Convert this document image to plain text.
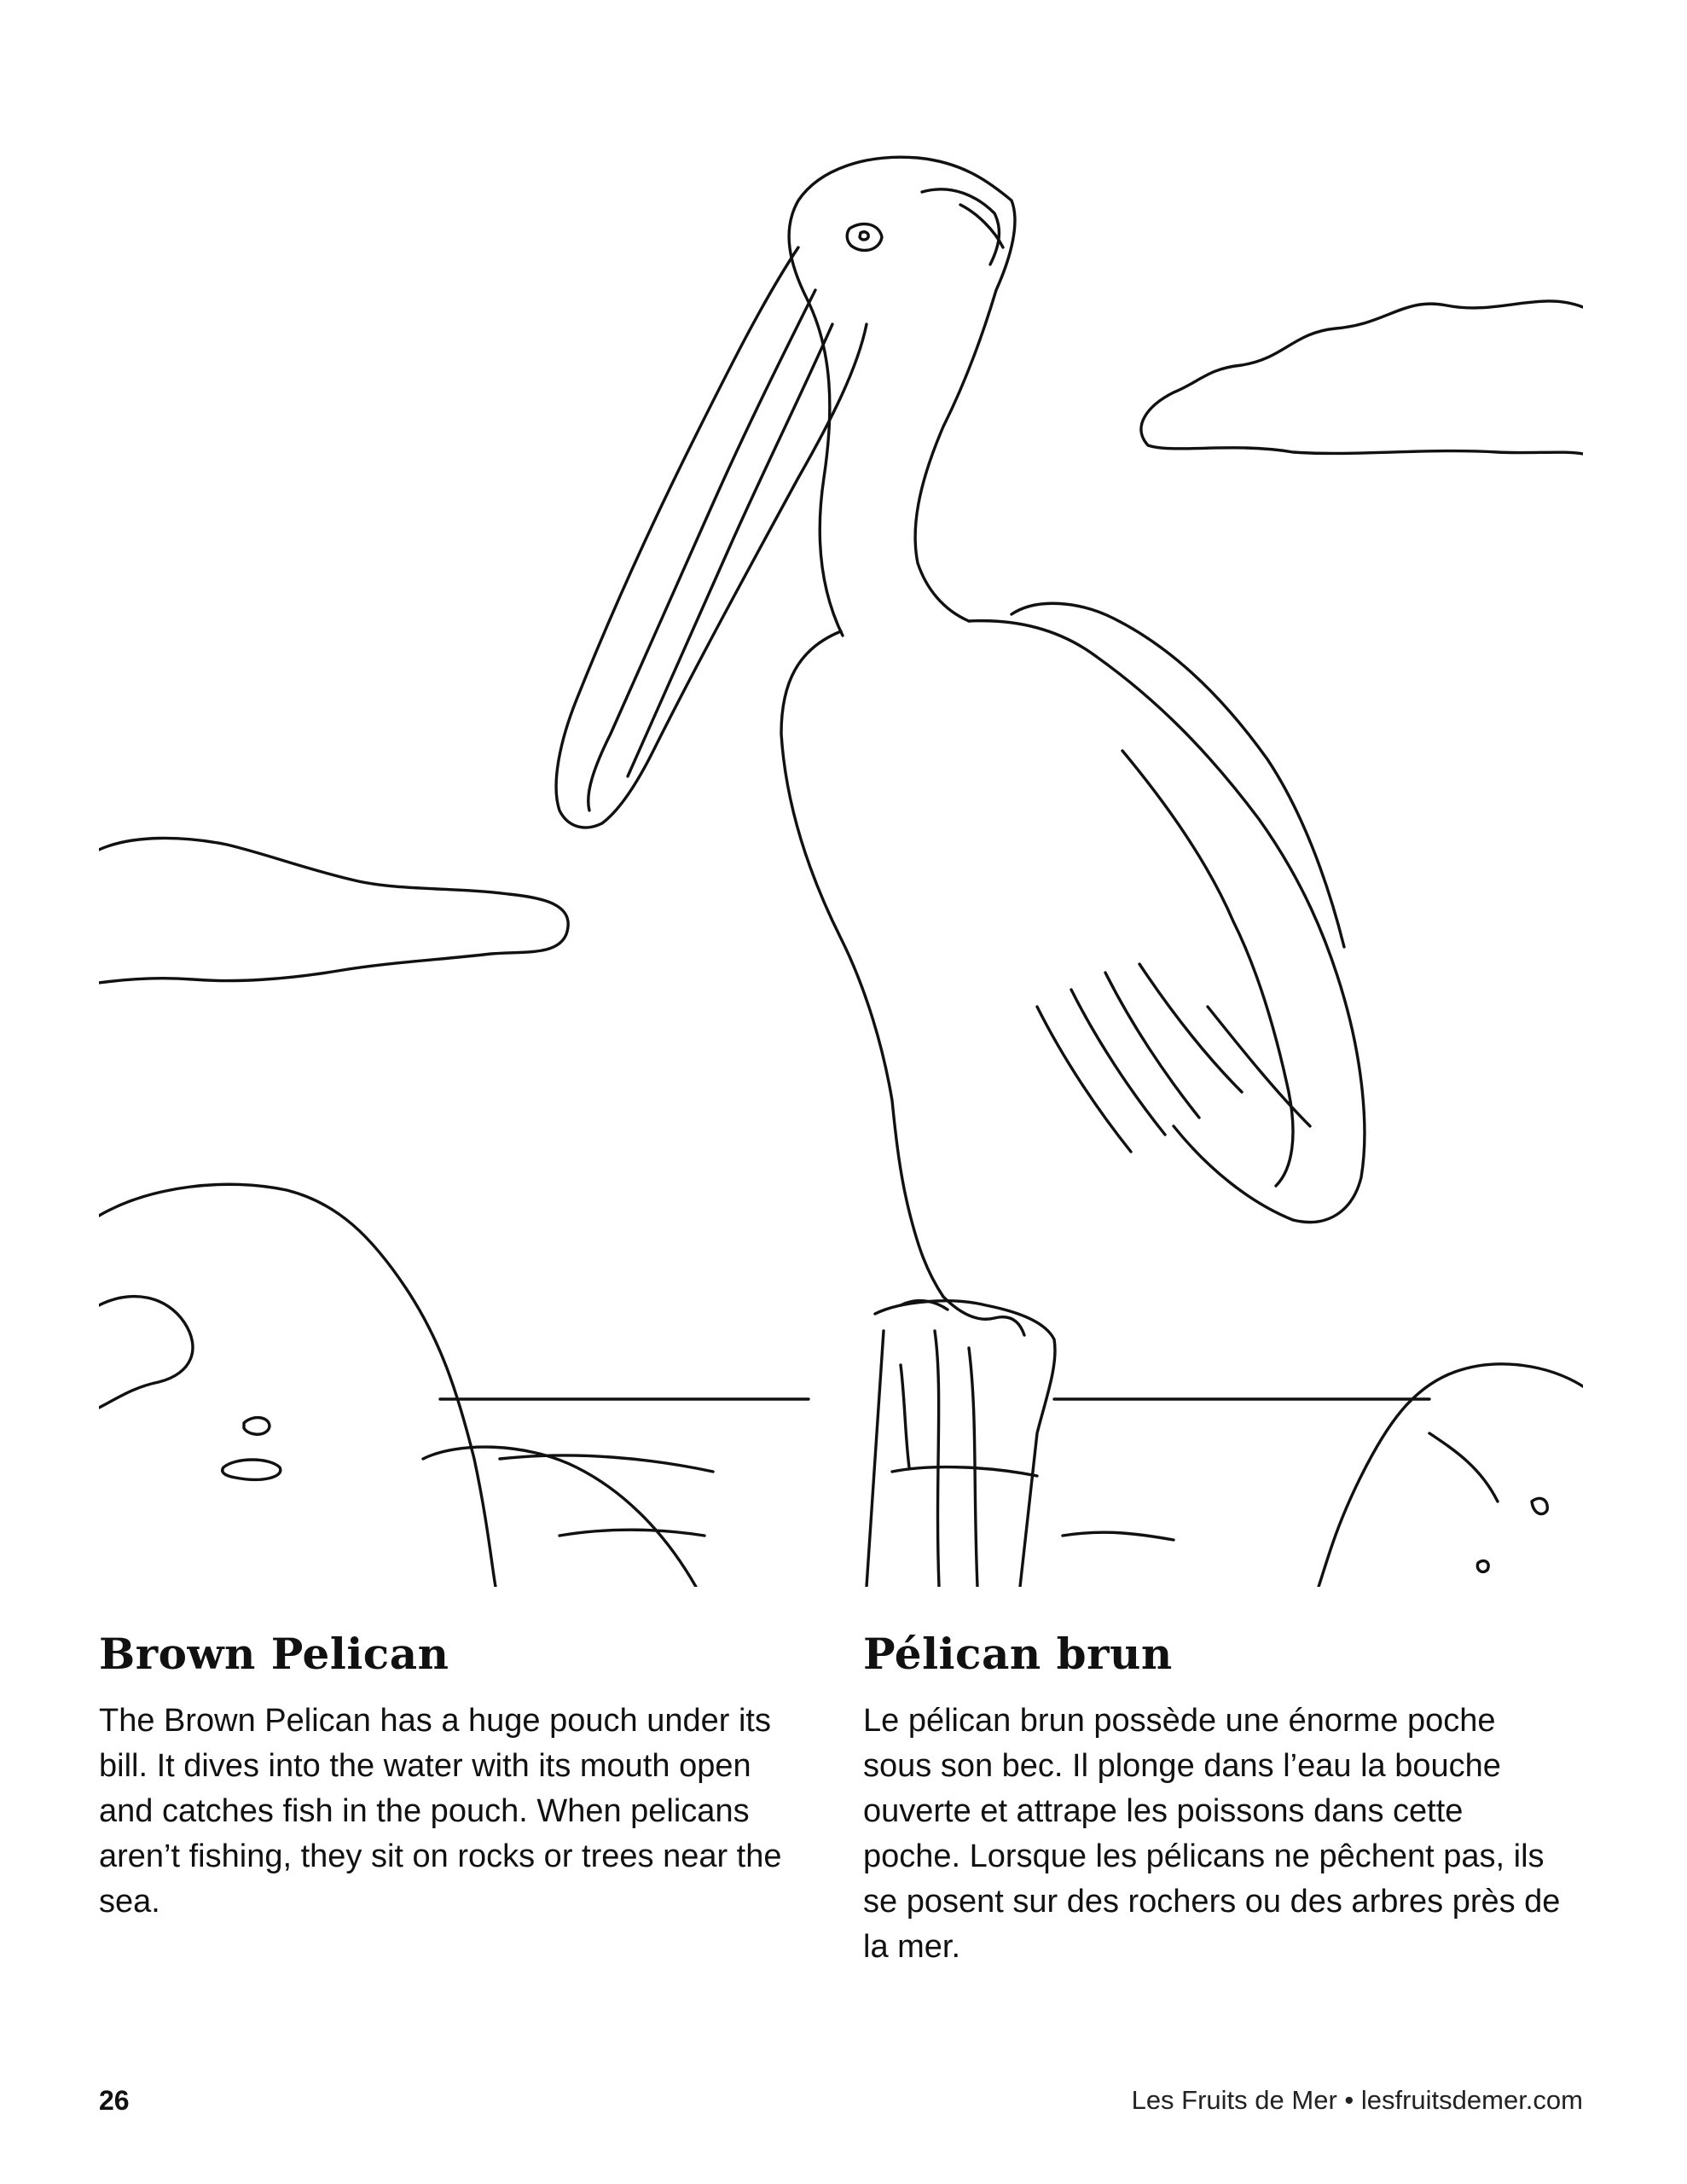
Brown Pelican

The Brown Pelican has a huge pouch under its bill. It dives into the water with its mouth open and catches fish in the pouch. When pelicans aren’t fishing, they sit on rocks or trees near the sea.

Pélican brun

Le pélican brun possède une énorme poche sous son bec. Il plonge dans l’eau la bouche ouverte et attrape les poissons dans cette poche. Lorsque les pélicans ne pêchent pas, ils se posent sur des rochers ou des arbres près de la mer.

26	Les Fruits de Mer • lesfruitsdemer.com
